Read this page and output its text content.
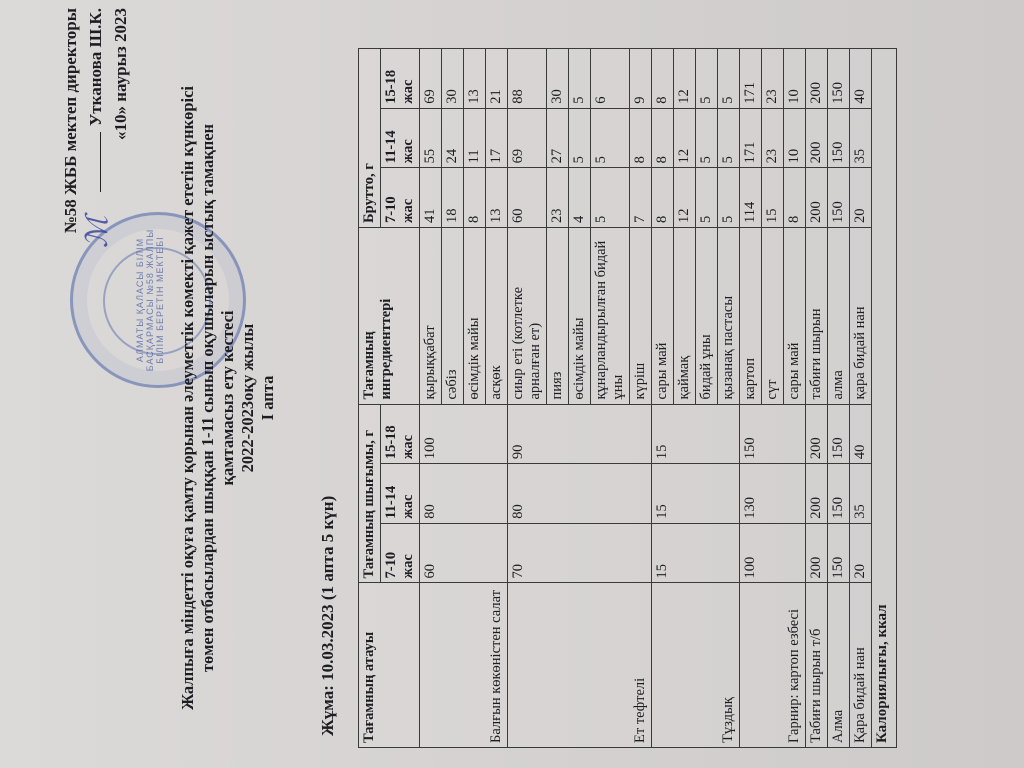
АЛМАТЫ ҚАЛАСЫ БІЛІМ БАСҚАРМАСЫ №58 ЖАЛПЫ БІЛІМ БЕРЕТІН МЕКТЕБІ
№58 ЖББ мектеп директоры Утканова Ш.К. «10» наурыз 2023
ℳ	Жалпыға міндетті оқуға қамту қорынан әлеуметтік көмекті қажет ететін күнкөрісі төмен отбасылардан шыққан 1-11 сынып оқушыларын ыстық тамақпен қамтамасыз ету кестесі 2022-2023оқу жылы I апта
Жұма: 10.03.2023 (1 апта 5 күн) Тағамның атауы	Тағамның шығымы, г			Тағамның ингредиенттері	Брутто, г		
	7-10 жас	11-14 жас	15-18 жас		7-10 жас	11-14 жас	15-18 жас
Балғын көкөністен салат	60	80	100	қырыққабат	41	55	69
				сәбіз	18	24	30
				өсімдік майы	8	11	13
				асқөк	13	17	21
Ет тефтелі	70	80	90	сиыр еті (котлетке арналған ет)	60	69	88
				пияз	23	27	30
				өсімдік майы	4	5	5
				құнарландырылған бидай ұны	5	5	6
				күріш	7	8	9
Тұздық	15	15	15	сары май	8	8	8
				қаймақ	12	12	12
				бидай ұны	5	5	5
				қызанақ пастасы	5	5	5
Гарнир: картоп езбесі	100	130	150	картоп	114	171	171
				сүт	15	23	23
				сары май	8	10	10
Табиғи шырын т/б	200	200	200	табиғи шырын	200	200	200
Алма	150	150	150	алма	150	150	150
Қара бидай нан	20	35	40	қара бидай нан	20	35	40
Калориялығы, ккал							
